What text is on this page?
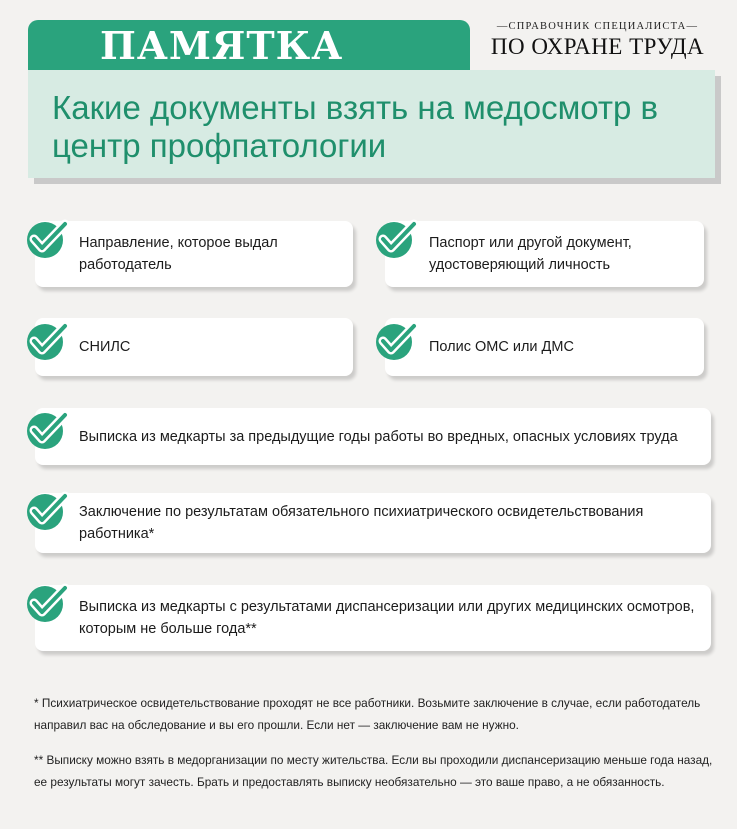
ПАМЯТКА	—СПРАВОЧНИК СПЕЦИАЛИСТА—
ПО ОХРАНЕ ТРУДА
Какие документы взять на медосмотр в центр профпатологии
Направление, которое выдал работодатель
Паспорт или другой документ, удостоверяющий личность
СНИЛС	Полис ОМС или ДМС
Выписка из медкарты за предыдущие годы работы во вредных, опасных условиях труда
Заключение по результатам обязательного психиатрического освидетельствования работника*
Выписка из медкарты с результатами диспансеризации или других медицинских осмотров, которым не больше года**
* Психиатрическое освидетельствование проходят не все работники. Возьмите заключение в случае, если работодатель направил вас на обследование и вы его прошли. Если нет — заключение вам не нужно.
** Выписку можно взять в медорганизации по месту жительства. Если вы проходили диспансеризацию меньше года назад, ее результаты могут зачесть. Брать и предоставлять выписку необязательно — это ваше право, а не обязанность.
